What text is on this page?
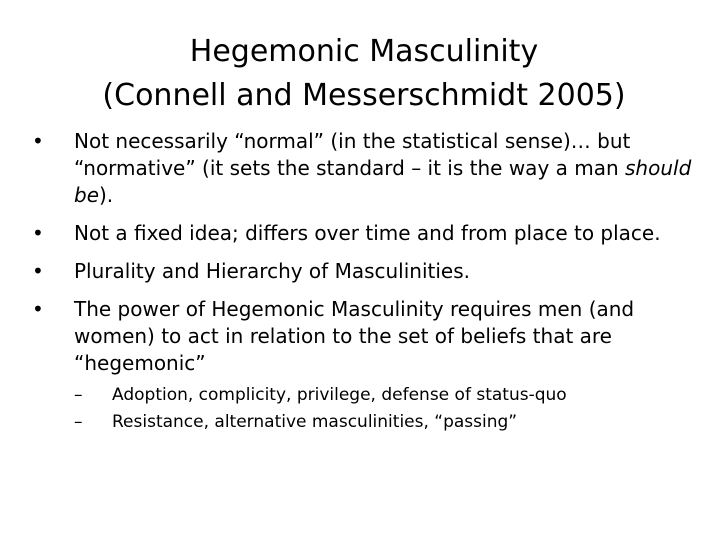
Hegemonic Masculinity
(Connell and Messerschmidt 2005)
• Not necessarily “normal” (in the statistical sense)… but “normative” (it sets the standard – it is the way a man should be).
• Not a fixed idea; differs over time and from place to place.
• Plurality and Hierarchy of Masculinities.
• The power of Hegemonic Masculinity requires men (and women) to act in relation to the set of beliefs that are “hegemonic”
– Adoption, complicity, privilege, defense of status-quo
– Resistance, alternative masculinities, “passing”
